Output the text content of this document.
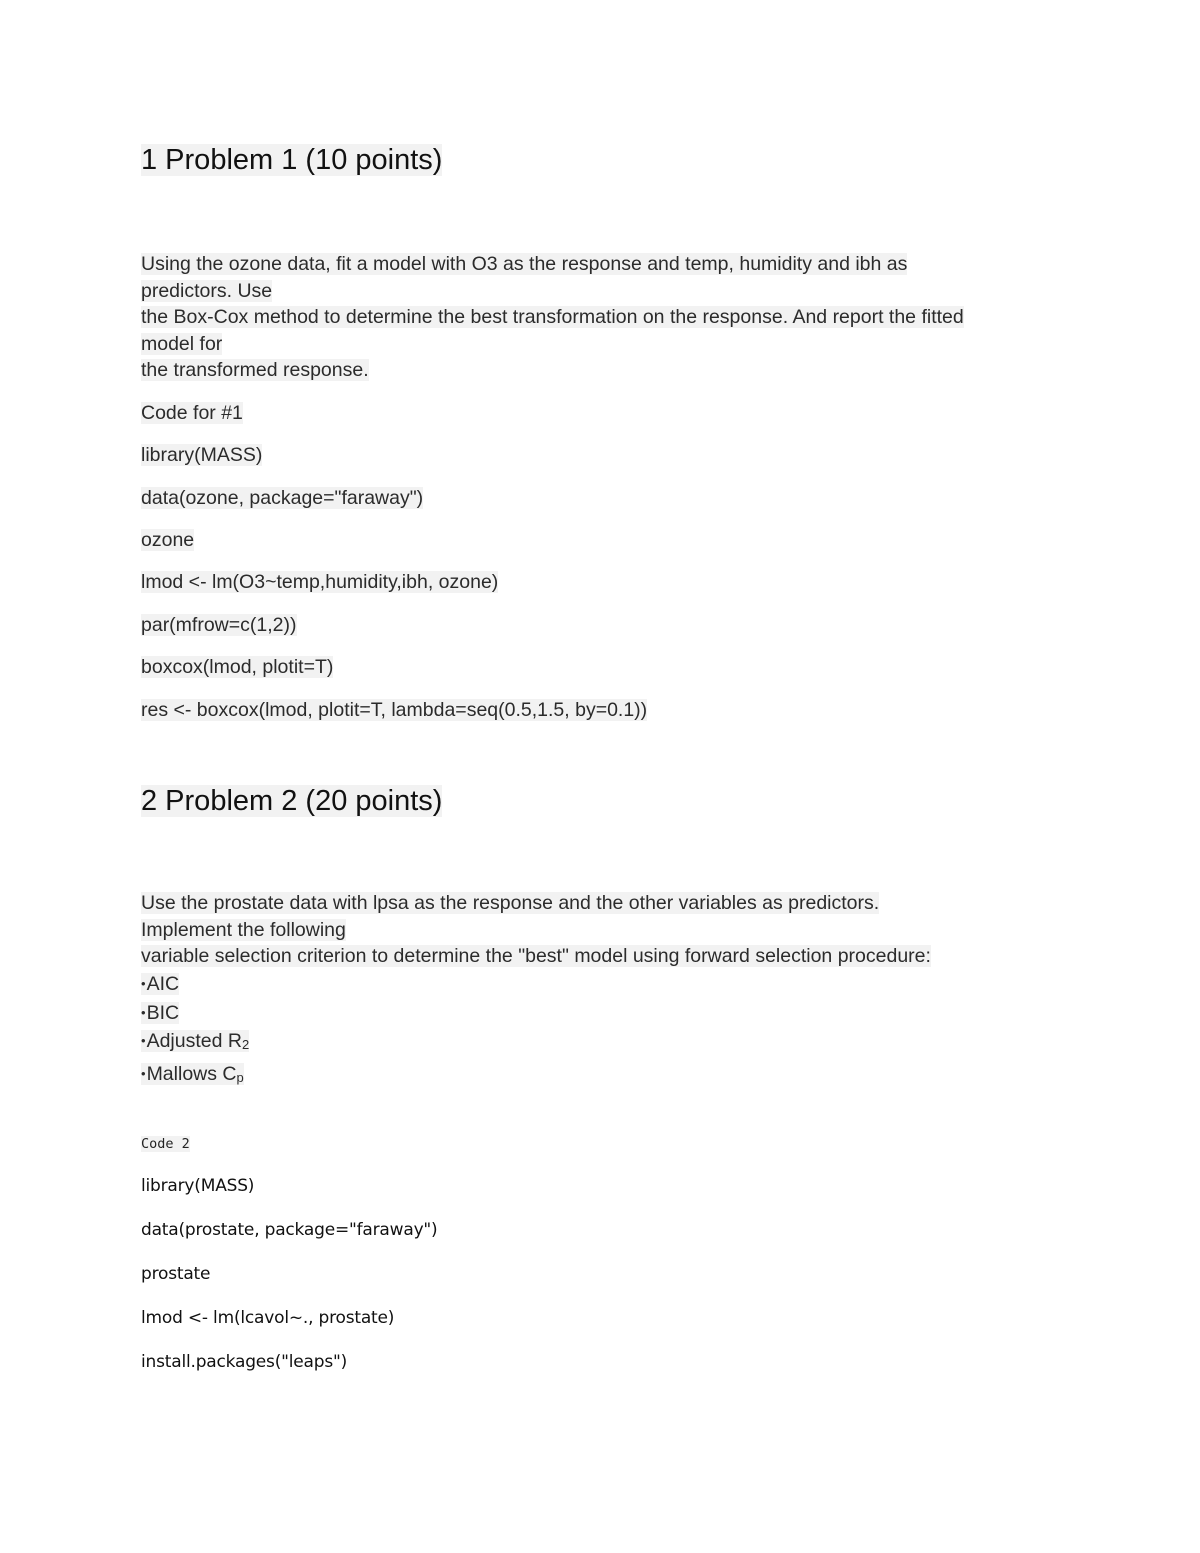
1 Problem 1 (10 points)
Using the ozone data, fit a model with O3 as the response and temp, humidity and ibh as
predictors. Use
the Box-Cox method to determine the best transformation on the response. And report the fitted
model for
the transformed response.
Code for #1
library(MASS)
data(ozone, package="faraway")
ozone
lmod <- lm(O3~temp,humidity,ibh, ozone)
par(mfrow=c(1,2))
boxcox(lmod, plotit=T)
res <- boxcox(lmod, plotit=T, lambda=seq(0.5,1.5, by=0.1))
2 Problem 2 (20 points)
Use the prostate data with lpsa as the response and the other variables as predictors.
Implement the following
variable selection criterion to determine the "best" model using forward selection procedure:
•AIC
•BIC
•Adjusted R2
•Mallows Cp
Code 2
library(MASS)
data(prostate, package="faraway")
prostate
lmod <- lm(lcavol~., prostate)
install.packages("leaps")
